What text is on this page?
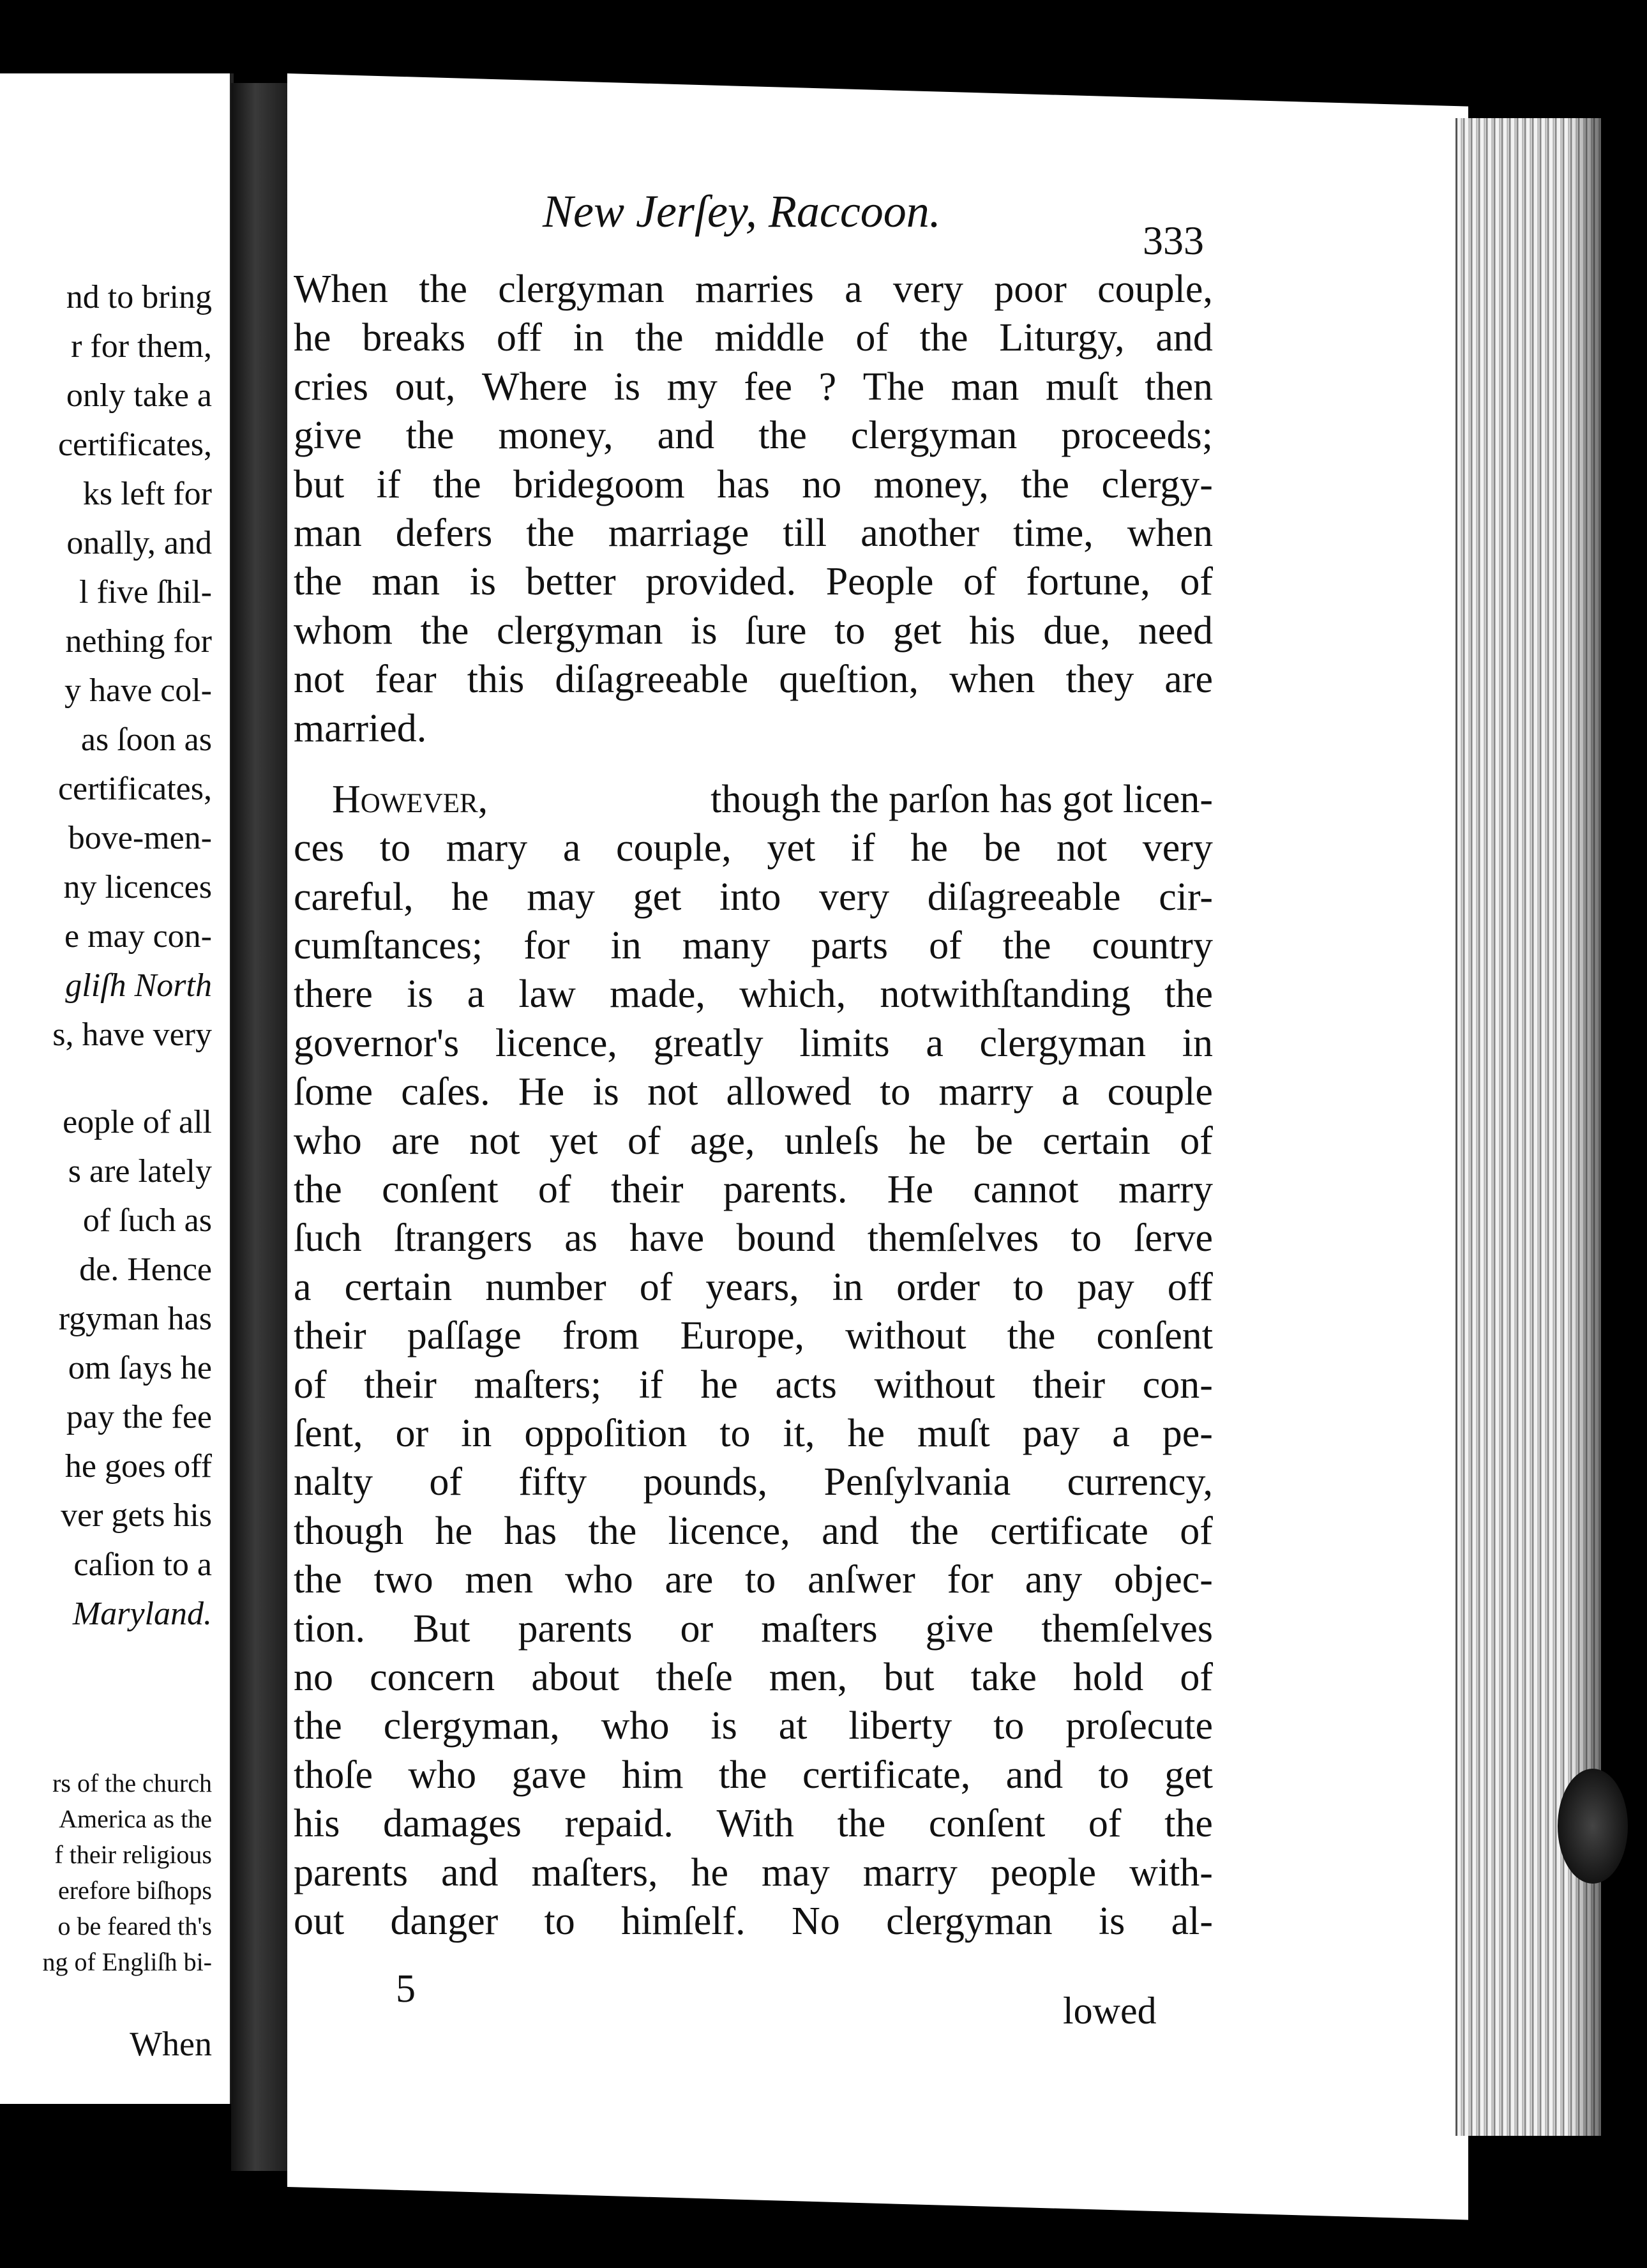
nd to bring
r for them,
only take a
certificates,
ks left for
onally, and
l five ſhil-
nething for
y have col-
as ſoon as
certificates,
bove-men-
ny licences
e may con-
gliſh North
s, have very
eople of all
s are lately
of ſuch as
de. Hence
rgyman has
om ſays he
pay the fee
he goes off
ver gets his
caſion to a
Maryland.
rs of the church
America as the
f their religious
erefore biſhops
o be feared th's
ng of Engliſh bi-
When
New Jerſey, Raccoon.
333
When the clergyman marries a very poor couple,
he breaks off in the middle of the Liturgy, and
cries out, Where is my fee ? The man muſt then
give the money, and the clergyman proceeds;
but if the bridegoom has no money, the clergy-
man defers the marriage till another time, when
the man is better provided. People of fortune, of
whom the clergyman is ſure to get his due, need
not fear this diſagreeable queſtion, when they are
married.
However,	though the parſon has got licen-
ces to mary a couple, yet if he be not very
careful, he may get into very diſagreeable cir-
cumſtances; for in many parts of the country
there is a law made, which, notwithſtanding the
governor's licence, greatly limits a clergyman in
ſome caſes. He is not allowed to marry a couple
who are not yet of age, unleſs he be certain of
the conſent of their parents. He cannot marry
ſuch ſtrangers as have bound themſelves to ſerve
a certain number of years, in order to pay off
their paſſage from Europe, without the conſent
of their maſters; if he acts without their con-
ſent, or in oppoſition to it, he muſt pay a pe-
nalty of fifty pounds, Penſylvania currency,
though he has the licence, and the certificate of
the two men who are to anſwer for any objec-
tion. But parents or maſters give themſelves
no concern about theſe men, but take hold of
the clergyman, who is at liberty to proſecute
thoſe who gave him the certificate, and to get
his damages repaid. With the conſent of the
parents and maſters, he may marry people with-
out danger to himſelf. No clergyman is al-
5	lowed
